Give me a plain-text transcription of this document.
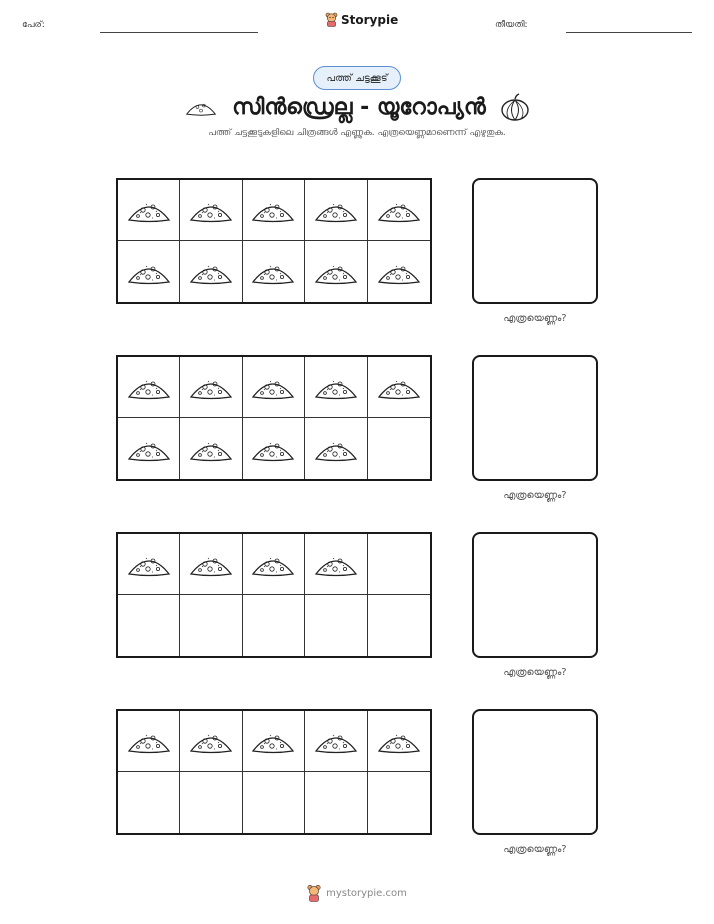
പേര്:	Storypie	തീയതി:
പത്ത് ചട്ടക്കൂട്
സിൻഡ്രെല്ല - യൂറോപ്യൻ
പത്ത് ചട്ടക്കൂടുകളിലെ ചിത്രങ്ങൾ എണ്ണുക. എത്രയെണ്ണമാണെന്ന് എഴുതുക.
എത്രയെണ്ണം?
എത്രയെണ്ണം?
എത്രയെണ്ണം?
എത്രയെണ്ണം?
mystorypie.com
